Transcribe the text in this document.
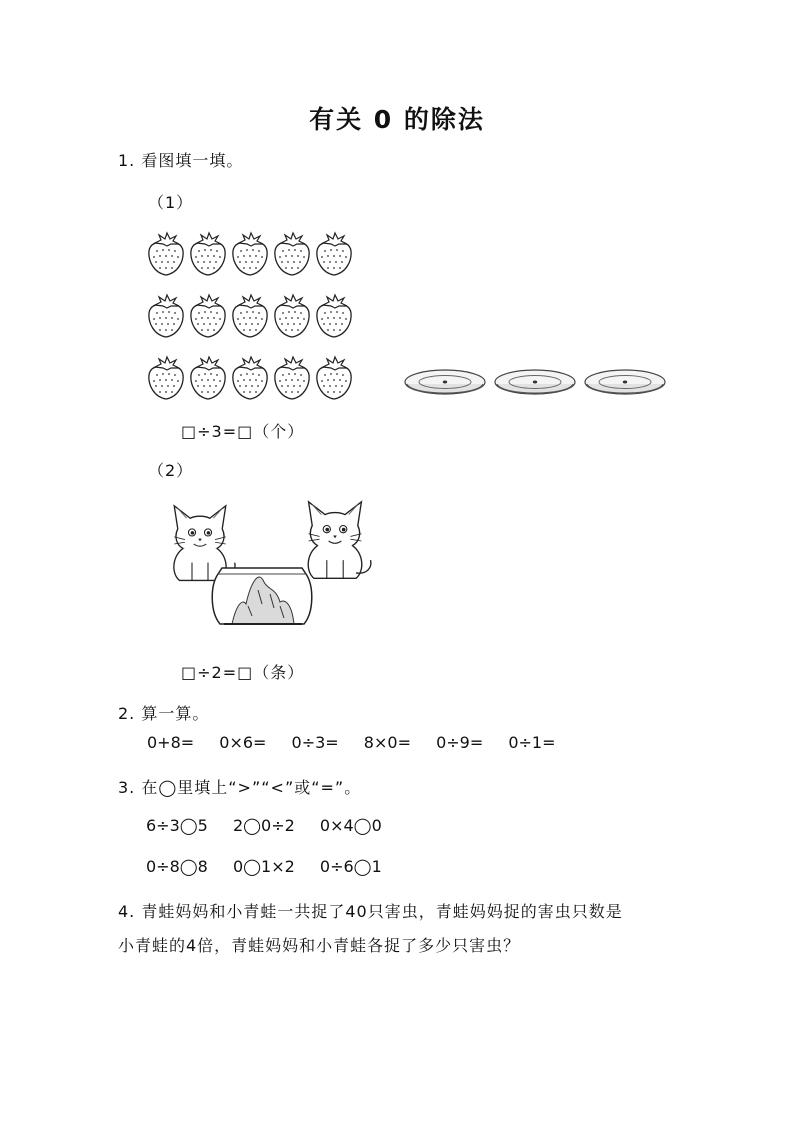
有关 0 的除法
1. 看图填一填。
（1）
□÷3=□（个）
（2）
□÷2=□（条）
2. 算一算。
0+8= 0×6= 0÷3= 8×0= 0÷9= 0÷1=
3. 在◯里填上“>”“<”或“=”。
6÷3◯5 2◯0÷2 0×4◯0
0÷8◯8 0◯1×2 0÷6◯1
4. 青蛙妈妈和小青蛙一共捉了40只害虫，青蛙妈妈捉的害虫只数是
小青蛙的4倍，青蛙妈妈和小青蛙各捉了多少只害虫？
